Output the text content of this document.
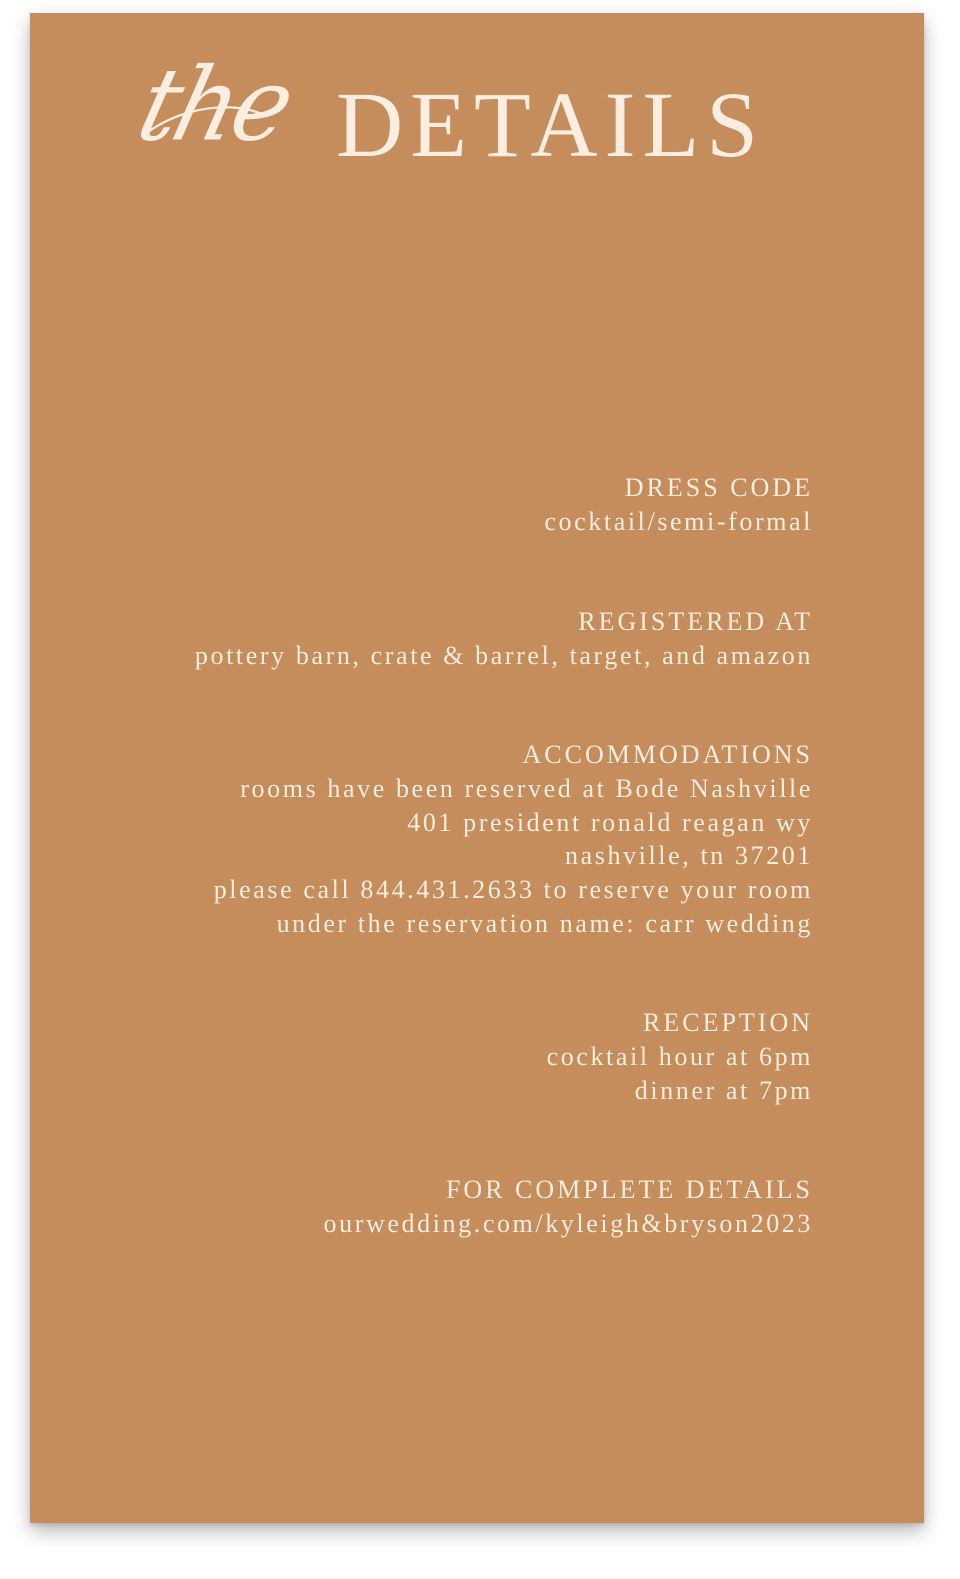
the DETAILS
DRESS CODE
cocktail/semi-formal
REGISTERED AT
pottery barn, crate & barrel, target, and amazon
ACCOMMODATIONS
rooms have been reserved at Bode Nashville
401 president ronald reagan wy
nashville, tn 37201
please call 844.431.2633 to reserve your room
under the reservation name: carr wedding
RECEPTION
cocktail hour at 6pm
dinner at 7pm
FOR COMPLETE DETAILS
ourwedding.com/kyleigh&bryson2023
